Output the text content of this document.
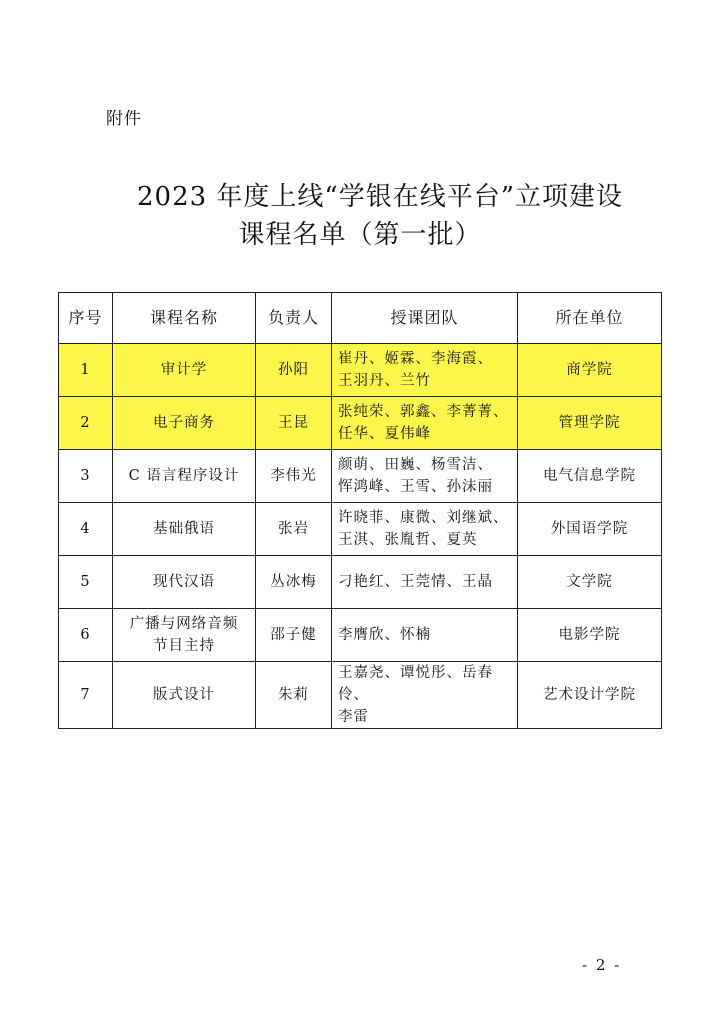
附件
2023 年度上线“学银在线平台”立项建设
课程名单（第一批）
序号	课程名称	负责人	授课团队	所在单位
1	审计学	孙阳	崔丹、姬霖、李海霞、
王羽丹、兰竹	商学院
2	电子商务	王昆	张纯荣、郭鑫、李菁菁、
任华、夏伟峰	管理学院
3	C 语言程序设计	李伟光	颜萌、田巍、杨雪洁、
恽鸿峰、王雪、孙沫丽	电气信息学院
4	基础俄语	张岩	许晓菲、康微、刘继斌、
王淇、张胤哲、夏英	外国语学院
5	现代汉语	丛冰梅	刁艳红、王莞情、王晶	文学院
6	广播与网络音频
节目主持	邵子健	李膺欣、怀楠	电影学院
7	版式设计	朱莉	王嘉尧、谭悦彤、岳春伶、
李雷	艺术设计学院
- 2 -
